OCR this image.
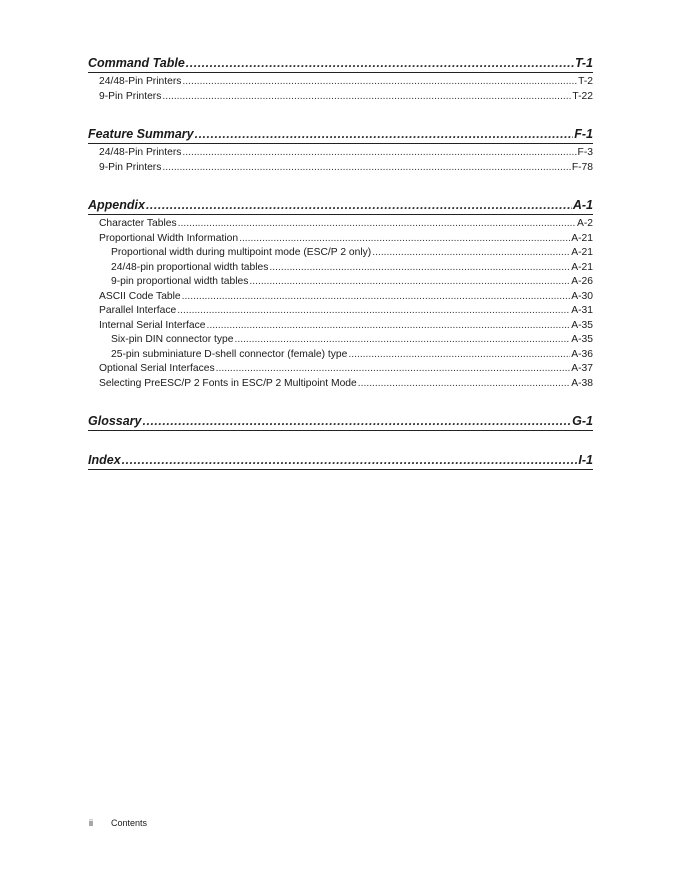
Command Table .....	T-1
24/48-Pin Printers .....	T-2
9-Pin Printers .....	T-22
Feature Summary .....	F-1
24/48-Pin Printers .....	F-3
9-Pin Printers .....	F-78
Appendix .....	A-1
Character Tables .....	A-2
Proportional Width Information .....	A-21
Proportional width during multipoint mode (ESC/P 2 only) .....	A-21
24/48-pin proportional width tables .....	A-21
9-pin proportional width tables .....	A-26
ASCII Code Table .....	A-30
Parallel Interface .....	A-31
Internal Serial Interface .....	A-35
Six-pin DIN connector type .....	A-35
25-pin subminiature D-shell connector (female) type .....	A-36
Optional Serial Interfaces .....	A-37
Selecting PreESC/P 2 Fonts in ESC/P 2 Multipoint Mode .....	A-38
Glossary .....	G-1
Index .....	I-1
ii Contents
